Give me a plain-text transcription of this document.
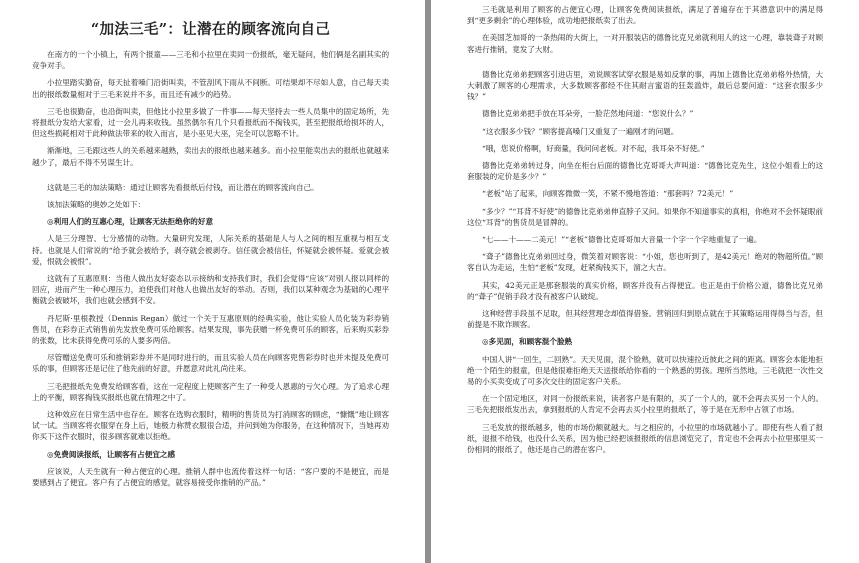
“加法三毛”：让潜在的顾客流向自己

在南方的一个小镇上，有两个报童——三毛和小拉里在卖同一份报纸，毫无疑问，他们俩是名副其实的竞争对手。

小拉里踏实勤奋，每天扯着嗓门沿街叫卖，不管刮风下雨从不间断。可结果却不尽如人意，自己每天卖出的报纸数量相对于三毛来说并不多，而且还有减少的趋势。

三毛也很勤奋，也沿街叫卖，但他比小拉里多做了一件事——每天坚持去一些人员集中的固定场所，先将报纸分发给大家看，过一会儿再来收钱。虽然偶尔有几个只看报纸而不掏钱买，甚至把报纸给损坏的人，但这些损耗相对于此种做法带来的收入而言，是小巫见大巫，完全可以忽略不计。

渐渐地，三毛跟这些人的关系越来越熟，卖出去的报纸也越来越多。而小拉里能卖出去的报纸也就越来越少了，最后不得不另谋生计。

这就是三毛的加法策略：通过让顾客先看报纸后付钱，而让潜在的顾客流向自己。

该加法策略的奥妙之处如下：

◎利用人们的互惠心理，让顾客无法拒绝你的好意

人是三分理智、七分感情的动物。大量研究发现，人际关系的基础是人与人之间的相互重视与相互支持。也就是人们常说的“给予就会被给予，剥夺就会被剥夺。信任就会被信任，怀疑就会被怀疑。爱就会被爱，恨就会被恨”。

这就有了互惠原则：当他人做出友好姿态以示接纳和支持我们时，我们会觉得“应该”对别人报以同样的回应，进而产生一种心理压力，迫使我们对他人也做出友好的举动。否则，我们以某种观念为基础的心理平衡就会被破坏，我们也就会感到不安。

丹尼斯·里根教授（Dennis Regan）做过一个关于互惠原则的经典实验，他让实验人员化装为彩券销售员，在彩券正式销售前先发放免费可乐给顾客。结果发现，事先获赠一杯免费可乐的顾客，后来购买彩券的张数，比未获得免费可乐的人要多两倍。

尽管赠送免费可乐和推销彩券并不是同时进行的，而且实验人员在向顾客兜售彩券时也并未提及免费可乐的事，但顾客还是记住了他先前的好意，并愿意对此礼尚往来。

三毛把报纸先免费发给顾客看，这在一定程度上使顾客产生了一种受人恩惠的亏欠心理。为了追求心理上的平衡，顾客掏钱买报纸也就在情理之中了。

这种效应在日常生活中也存在。顾客在选购衣服时，精明的售货员为打消顾客的顾虑，“慷慨”地让顾客试一试。当顾客将衣服穿在身上后，她极力称赞衣服很合适，并问到她为你服务，在这种情况下，当她再劝你买下这件衣服时，很多顾客就难以拒绝。

◎免费阅读报纸，让顾客有占便宜之感

应该说，人天生就有一种占便宜的心理。推销人群中也流传着这样一句话：“客户要的不是便宜，而是要感到占了便宜。客户有了占便宜的感觉，就容易接受你推销的产品。”

三毛就是利用了顾客的占便宜心理，让顾客免费阅读报纸，满足了普遍存在于其潜意识中的满足得到“更多剩余”的心理体验，成功地把报纸卖了出去。

在美国芝加哥的一条热闹的大街上，一对开服装店的德鲁比克兄弟就利用人的这一心理，靠装聋子对顾客进行推销，竟发了大财。

德鲁比克弟弟把顾客引进店里，劝说顾客试穿衣服是易如反掌的事，再加上德鲁比克弟弟格外热情，大大刺激了顾客的心理需求，大多数顾客都经不住其耐言蜜语的狂轰滥炸，最后总要问道：“这套衣服多少钱？”

德鲁比克弟弟把手放在耳朵旁，一脸茫然地问道：“您说什么？”

“这衣服多少钱？”顾客提高嗓门又重复了一遍刚才的问题。

“哦，您说价格啊，好商量，我问问老板。对不起，我耳朵不好使。”

德鲁比克弟弟转过身，向坐在柜台后面的德鲁比克哥哥大声叫道：“德鲁比克先生，这位小姐看上的这套服装的定价是多少？”

“老板”站了起来，向顾客微微一笑，不紧不慢地答道：“那套吗？72美元！”

“多少？”“耳背不好使”的德鲁比克弟弟伸直脖子又问。如果你不知道事实的真相，你绝对不会怀疑眼前这位“耳背”的售货员是冒牌的。

“七——十——二美元！”“老板”德鲁比克哥哥加大音量一个字一个字地重复了一遍。

“聋子”德鲁比克弟弟回过身，微笑着对顾客说：“小姐，您也听到了，是42美元！绝对的物超所值。”顾客自认为走运，生怕“老板”发现，赶紧掏钱买下，溜之大吉。

其实，42美元正是那套服装的真实价格，顾客并没有占得便宜。也正是由于价格公道，德鲁比克兄弟的“聋子”促销手段才没有被客户认破绽。

这种经营手段虽不足取，但其经营理念却值得借鉴。营销回归到原点就在于其策略运用得得当与否，但前提是不欺诈顾客。

◎多见面，和顾客混个脸熟

中国人讲“一回生，二回熟”。天天见面，混个脸熟，就可以快速拉近彼此之间的距离。顾客会本能地拒绝一个陌生的报童，但是他很难拒绝天天送报纸给你看的一个熟悉的男孩。理所当然地，三毛就把一次性交易的小买卖变成了可多次交往的固定客户关系。

在一个固定地区，对同一份报纸来说，读者客户是有限的，买了一个人的，就不会再去买另一个人的。三毛先把报纸发出去，拿到报纸的人肯定不会再去买小拉里的报纸了，等于是在无形中占领了市场。

三毛发放的报纸越多，他的市场份额就越大。与之相应的，小拉里的市场就越小了。即使有些人看了报纸，退报不给钱，也没什么关系，因为他已经把该报报纸的信息浏览完了，肯定也不会再去小拉里那里买一份相同的报纸了，他还是自己的潜在客户。
